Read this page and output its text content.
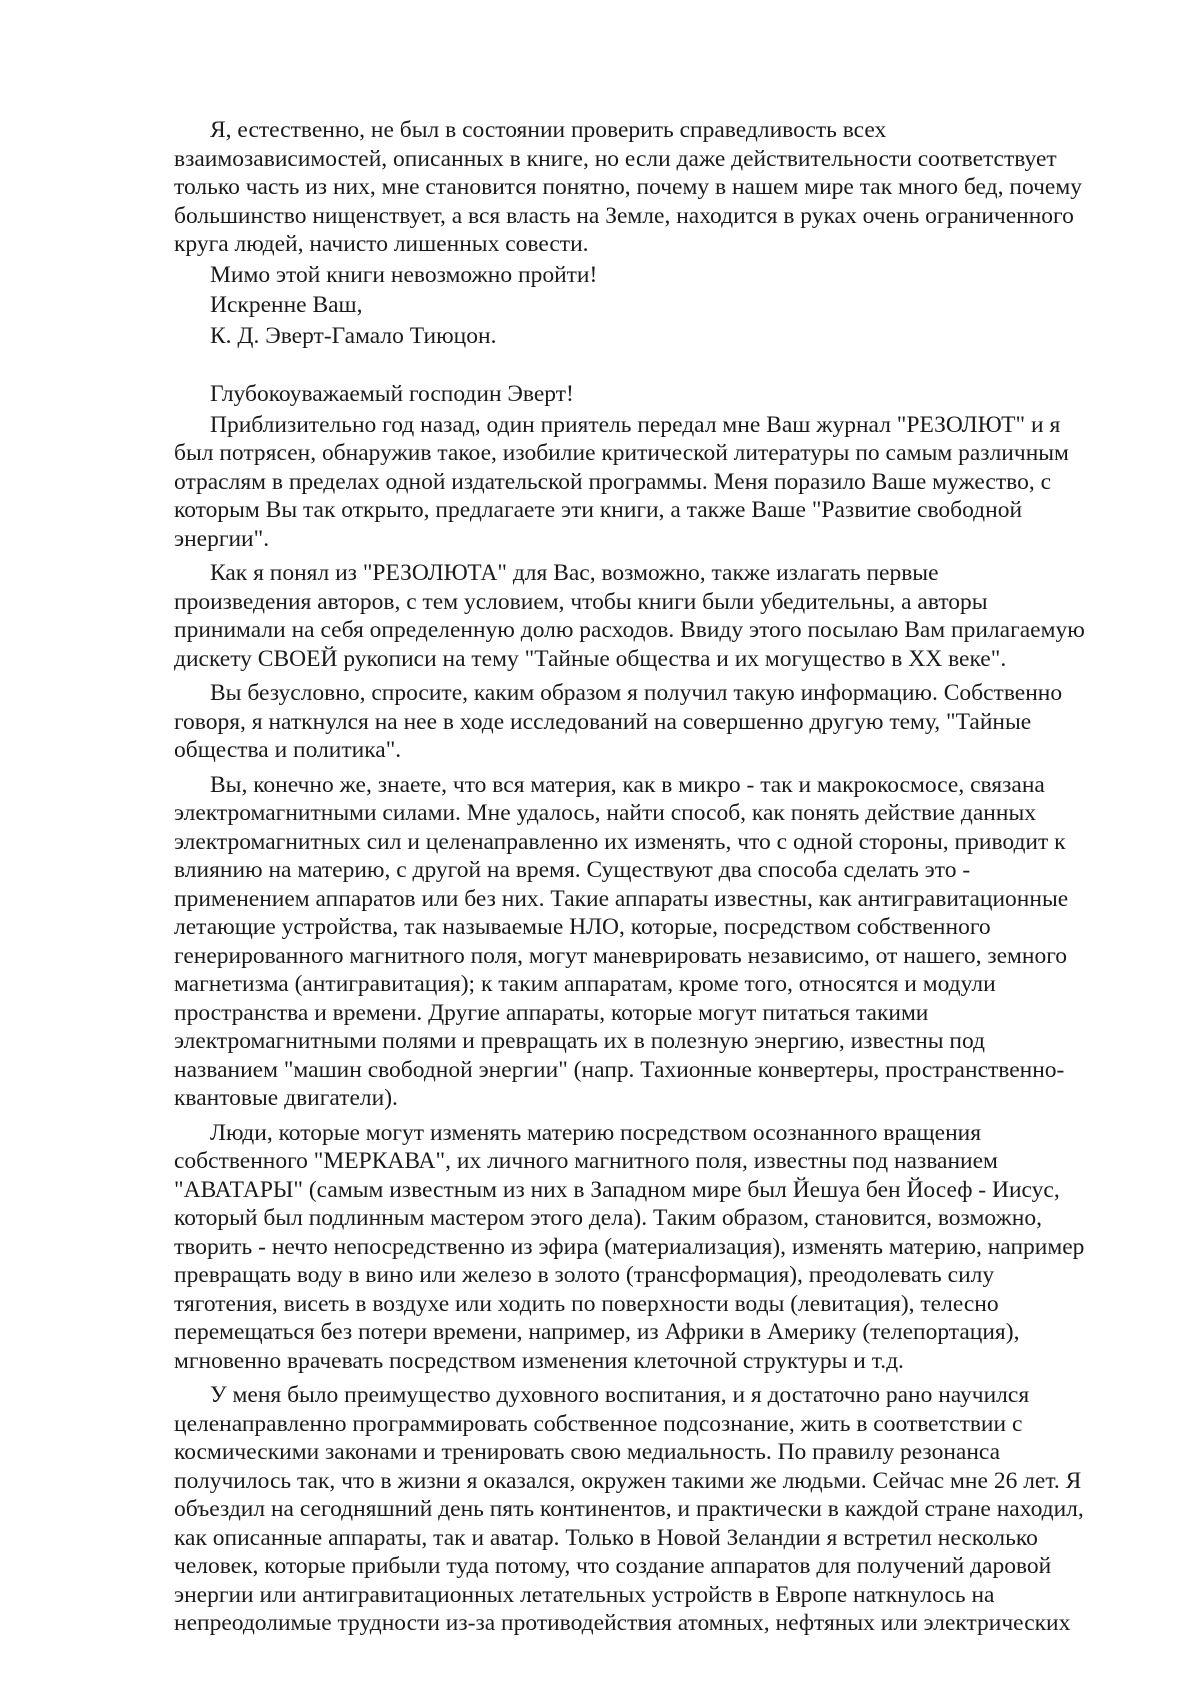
Я, естественно, не был в состоянии проверить справедливость всех
взаимозависимостей, описанных в книге, но если даже действительности соответствует
только часть из них, мне становится понятно, почему в нашем мире так много бед, почему
большинство нищенствует, а вся власть на Земле, находится в руках очень ограниченного
круга людей, начисто лишенных совести.
Мимо этой книги невозможно пройти!
Искренне Ваш,
К. Д. Эверт-Гамало Тиюцон.
Глубокоуважаемый господин Эверт!
Приблизительно год назад, один приятель передал мне Ваш журнал "РЕЗОЛЮТ" и я
был потрясен, обнаружив такое, изобилие критической литературы по самым различным
отраслям в пределах одной издательской программы. Меня поразило Ваше мужество, с
которым Вы так открыто, предлагаете эти книги, а также Ваше "Развитие свободной
энергии".
Как я понял из "РЕЗОЛЮТА" для Вас, возможно, также излагать первые
произведения авторов, с тем условием, чтобы книги были убедительны, а авторы
принимали на себя определенную долю расходов. Ввиду этого посылаю Вам прилагаемую
дискету СВОЕЙ рукописи на тему "Тайные общества и их могущество в ХХ веке".
Вы безусловно, спросите, каким образом я получил такую информацию. Собственно
говоря, я наткнулся на нее в ходе исследований на совершенно другую тему, "Тайные
общества и политика".
Вы, конечно же, знаете, что вся материя, как в микро - так и макрокосмосе, связана
электромагнитными силами. Мне удалось, найти способ, как понять действие данных
электромагнитных сил и целенаправленно их изменять, что с одной стороны, приводит к
влиянию на материю, с другой на время. Существуют два способа сделать это -
применением аппаратов или без них. Такие аппараты известны, как антигравитационные
летающие устройства, так называемые НЛО, которые, посредством собственного
генерированного магнитного поля, могут маневрировать независимо, от нашего, земного
магнетизма (антигравитация); к таким аппаратам, кроме того, относятся и модули
пространства и времени. Другие аппараты, которые могут питаться такими
электромагнитными полями и превращать их в полезную энергию, известны под
названием "машин свободной энергии" (напр. Тахионные конвертеры, пространственно-
квантовые двигатели).
Люди, которые могут изменять материю посредством осознанного вращения
собственного "МЕРКАВА", их личного магнитного поля, известны под названием
"АВАТАРЫ" (самым известным из них в Западном мире был Йешуа бен Йосеф - Иисус,
который был подлинным мастером этого дела). Таким образом, становится, возможно,
творить - нечто непосредственно из эфира (материализация), изменять материю, например
превращать воду в вино или железо в золото (трансформация), преодолевать силу
тяготения, висеть в воздухе или ходить по поверхности воды (левитация), телесно
перемещаться без потери времени, например, из Африки в Америку (телепортация),
мгновенно врачевать посредством изменения клеточной структуры и т.д.
У меня было преимущество духовного воспитания, и я достаточно рано научился
целенаправленно программировать собственное подсознание, жить в соответствии с
космическими законами и тренировать свою медиальность. По правилу резонанса
получилось так, что в жизни я оказался, окружен такими же людьми. Сейчас мне 26 лет. Я
объездил на сегодняшний день пять континентов, и практически в каждой стране находил,
как описанные аппараты, так и аватар. Только в Новой Зеландии я встретил несколько
человек, которые прибыли туда потому, что создание аппаратов для получений даровой
энергии или антигравитационных летательных устройств в Европе наткнулось на
непреодолимые трудности из-за противодействия атомных, нефтяных или электрических
